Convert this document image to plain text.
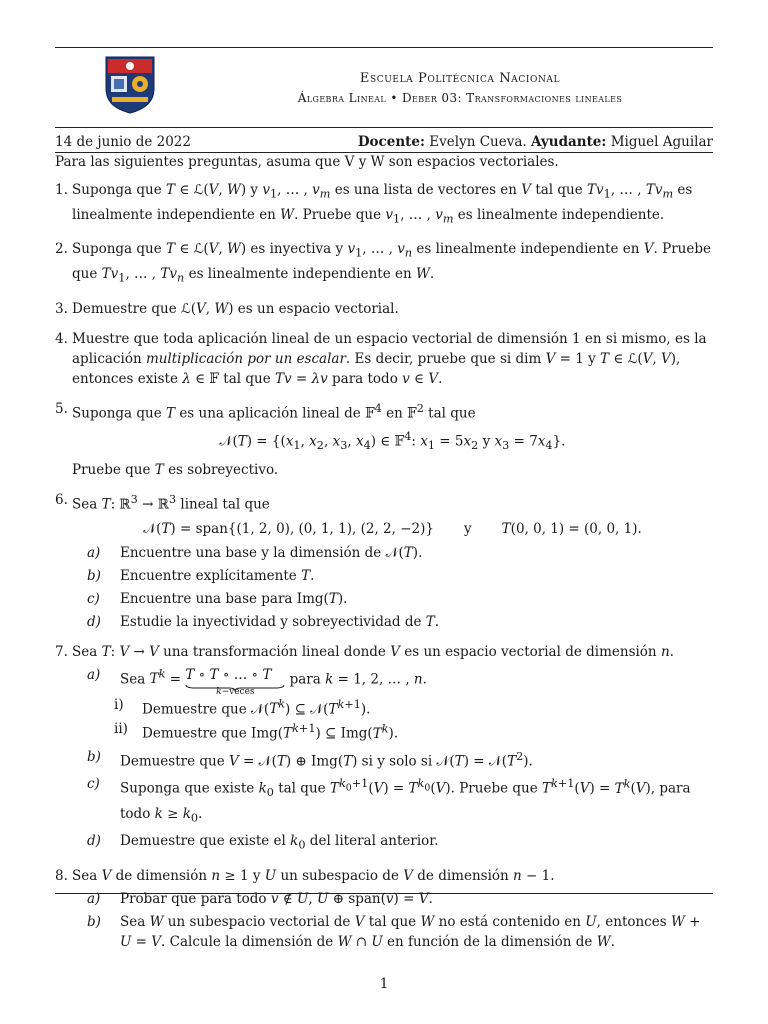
Escuela Politécnica Nacional
Álgebra Lineal • Deber 03: Transformaciones lineales
14 de junio de 2022	Docente: Evelyn Cueva. Ayudante: Miguel Aguilar
Para las siguientes preguntas, asuma que V y W son espacios vectoriales.
1. Suponga que T ∈ ℒ(V, W) y $v_1$, … , $v_m$ es una lista de vectores en V tal que $Tv_1$, … , $Tv_m$ es linealmente independiente en W. Pruebe que $v_1$, … , $v_m$ es linealmente independiente.
2. Suponga que T ∈ ℒ(V, W) es inyectiva y $v_1$, … , $v_n$ es linealmente independiente en V. Pruebe que $Tv_1$, … , $Tv_n$ es linealmente independiente en W.
3. Demuestre que ℒ(V, W) es un espacio vectorial.
4. Muestre que toda aplicación lineal de un espacio vectorial de dimensión 1 en si mismo, es la aplicación multiplicación por un escalar. Es decir, pruebe que si dim V = 1 y T ∈ ℒ(V, V), entonces existe λ ∈ 𝔽 tal que Tv = λv para todo v ∈ V.
5. Suponga que T es una aplicación lineal de 𝔽$^4$ en 𝔽$^2$ tal que
𝒩(T) = {($x_1$, $x_2$, $x_3$, $x_4$) ∈ 𝔽$^4$: $x_1 = 5x_2$ y $x_3 = 7x_4$}.
Pruebe que T es sobreyectivo.
6. Sea T: ℝ$^3$ → ℝ$^3$ lineal tal que
𝒩(T) = span{(1, 2, 0), (0, 1, 1), (2, 2, −2)}       y       T(0, 0, 1) = (0, 0, 1).
a) Encuentre una base y la dimensión de 𝒩(T).
b) Encuentre explícitamente T.
c) Encuentre una base para Img(T).
d) Estudie la inyectividad y sobreyectividad de T.
7. Sea T: V → V una transformación lineal donde V es un espacio vectorial de dimensión n.
a) Sea $T^k = T$ ∘ T ∘ … ∘ T
k−veces
para k = 1, 2, … , n.
i) Demuestre que $𝒩(T^k)$ ⊆ $𝒩(T^{k+1})$.
ii) Demuestre que $Img(T^{k+1})$ ⊆ $Img(T^k)$.
b) Demuestre que V = 𝒩(T) ⊕ Img(T) si y solo si 𝒩(T) = $𝒩(T^2)$.
c) Suponga que existe $k_0$ tal que $T^{k_0+1}(V) = T^{k_0}(V)$. Pruebe que $T^{k+1}(V) = T^k(V)$, para todo $k \ge k_0$.
d) Demuestre que existe el $k_0$ del literal anterior.
8. Sea V de dimensión n ≥ 1 y U un subespacio de V de dimensión n − 1.
a) Probar que para todo v ∉ U, U ⊕ span(v) = V.
b) Sea W un subespacio vectorial de V tal que W no está contenido en U, entonces W + U = V. Calcule la dimensión de W ∩ U en función de la dimensión de W.
1
